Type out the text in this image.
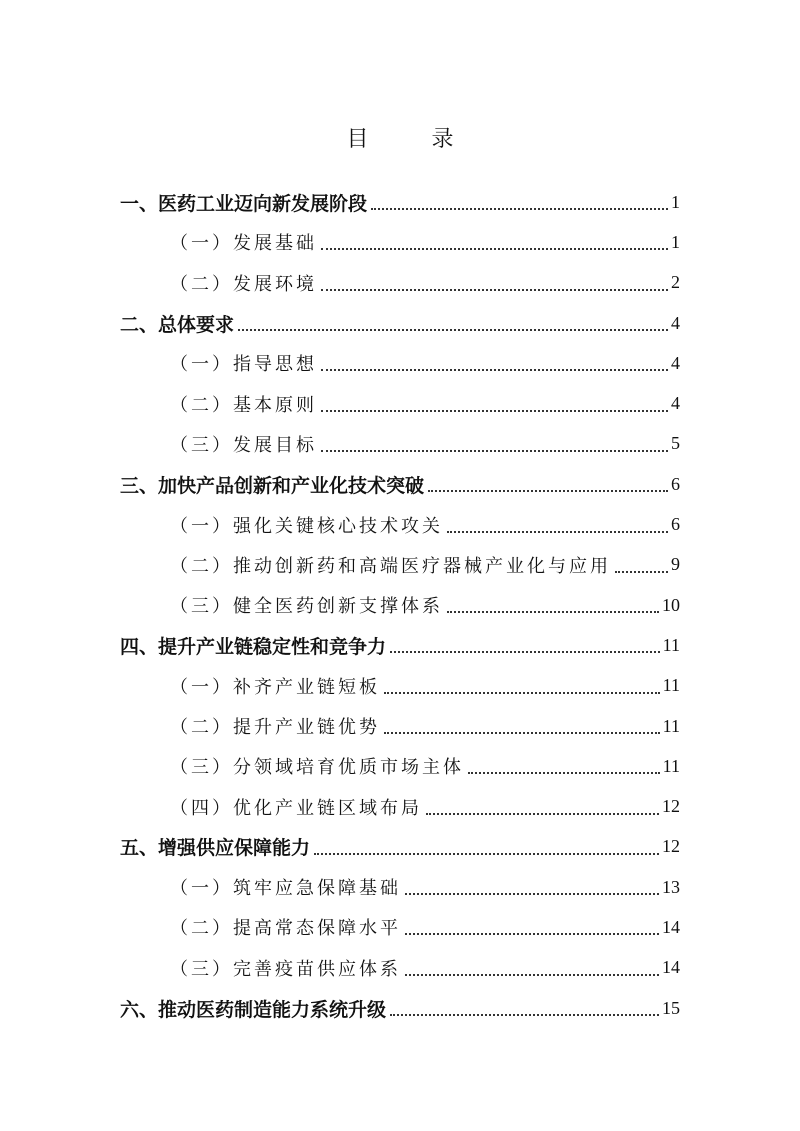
目 录
一、医药工业迈向新发展阶段	1
（一）发展基础	1
（二）发展环境	2
二、总体要求	4
（一）指导思想	4
（二）基本原则	4
（三）发展目标	5
三、加快产品创新和产业化技术突破	6
（一）强化关键核心技术攻关	6
（二）推动创新药和高端医疗器械产业化与应用	9
（三）健全医药创新支撑体系	10
四、提升产业链稳定性和竞争力	11
（一）补齐产业链短板	11
（二）提升产业链优势	11
（三）分领域培育优质市场主体	11
（四）优化产业链区域布局	12
五、增强供应保障能力	12
（一）筑牢应急保障基础	13
（二）提高常态保障水平	14
（三）完善疫苗供应体系	14
六、推动医药制造能力系统升级	15
